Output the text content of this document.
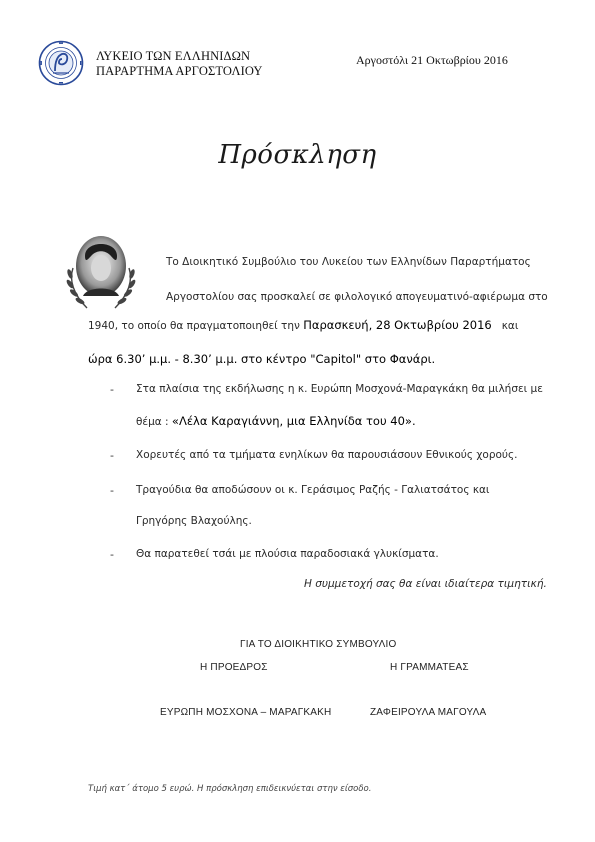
ΛΥΚΕΙΟ ΤΩΝ ΕΛΛΗΝΙΔΩΝ
ΠΑΡΑΡΤΗΜΑ ΑΡΓΟΣΤΟΛΙΟΥ
Αργοστόλι 21 Οκτωβρίου 2016
Πρόσκληση
Το Διοικητικό Συμβούλιο του Λυκείου των Ελληνίδων Παραρτήματος
Αργοστολίου σας προσκαλεί σε φιλολογικό απογευματινό-αφιέρωμα στο
1940, το οποίο θα πραγματοποιηθεί την Παρασκευή, 28 Οκτωβρίου 2016 και
ώρα 6.30’ μ.μ. - 8.30’ μ.μ. στο κέντρο "Capitol" στο Φανάρι.
- Στα πλαίσια της εκδήλωσης η κ. Ευρώπη Μοσχονά-Μαραγκάκη θα μιλήσει με
θέμα : «Λέλα Καραγιάννη, μια Ελληνίδα του 40».
- Χορευτές από τα τμήματα ενηλίκων θα παρουσιάσουν Εθνικούς χορούς.
- Τραγούδια θα αποδώσουν οι κ. Γεράσιμος Ραζής - Γαλιατσάτος και
Γρηγόρης Βλαχούλης.
- Θα παρατεθεί τσάι με πλούσια παραδοσιακά γλυκίσματα.
Η συμμετοχή σας θα είναι ιδιαίτερα τιμητική.
ΓΙΑ ΤΟ ΔΙΟΙΚΗΤΙΚΟ ΣΥΜΒΟΥΛΙΟ
Η ΠΡΟΕΔΡΟΣ	Η ΓΡΑΜΜΑΤΕΑΣ
ΕΥΡΩΠΗ ΜΟΣΧΟΝΑ – ΜΑΡΑΓΚΑΚΗ	ΖΑΦΕΙΡΟΥΛΑ ΜΑΓΟΥΛΑ
Τιμή κατ΄ άτομο 5 ευρώ. Η πρόσκληση επιδεικνύεται στην είσοδο.
